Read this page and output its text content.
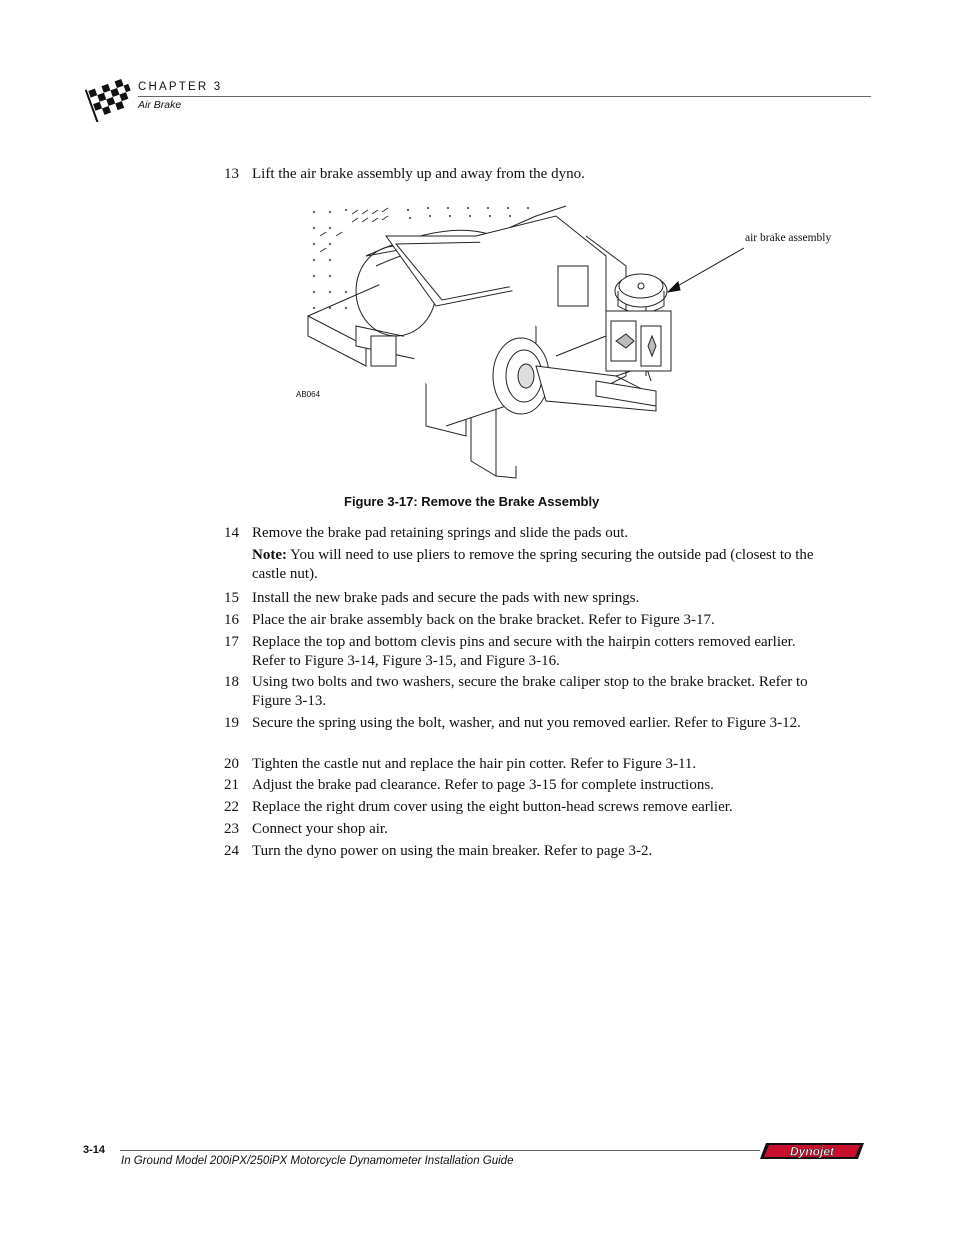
CHAPTER 3
Air Brake
13 Lift the air brake assembly up and away from the dyno.
air brake assembly
AB064
Figure 3-17: Remove the Brake Assembly
14 Remove the brake pad retaining springs and slide the pads out.
Note: You will need to use pliers to remove the spring securing the outside pad (closest to the castle nut).
15 Install the new brake pads and secure the pads with new springs.
16 Place the air brake assembly back on the brake bracket. Refer to Figure 3-17.
17 Replace the top and bottom clevis pins and secure with the hairpin cotters removed earlier. Refer to Figure 3-14, Figure 3-15, and Figure 3-16.
18 Using two bolts and two washers, secure the brake caliper stop to the brake bracket. Refer to Figure 3-13.
19 Secure the spring using the bolt, washer, and nut you removed earlier. Refer to Figure 3-12.
20 Tighten the castle nut and replace the hair pin cotter. Refer to Figure 3-11.
21 Adjust the brake pad clearance. Refer to page 3-15 for complete instructions.
22 Replace the right drum cover using the eight button-head screws remove earlier.
23 Connect your shop air.
24 Turn the dyno power on using the main breaker. Refer to page 3-2.
3-14
In Ground Model 200iPX/250iPX Motorcycle Dynamometer Installation Guide
Dynojet
